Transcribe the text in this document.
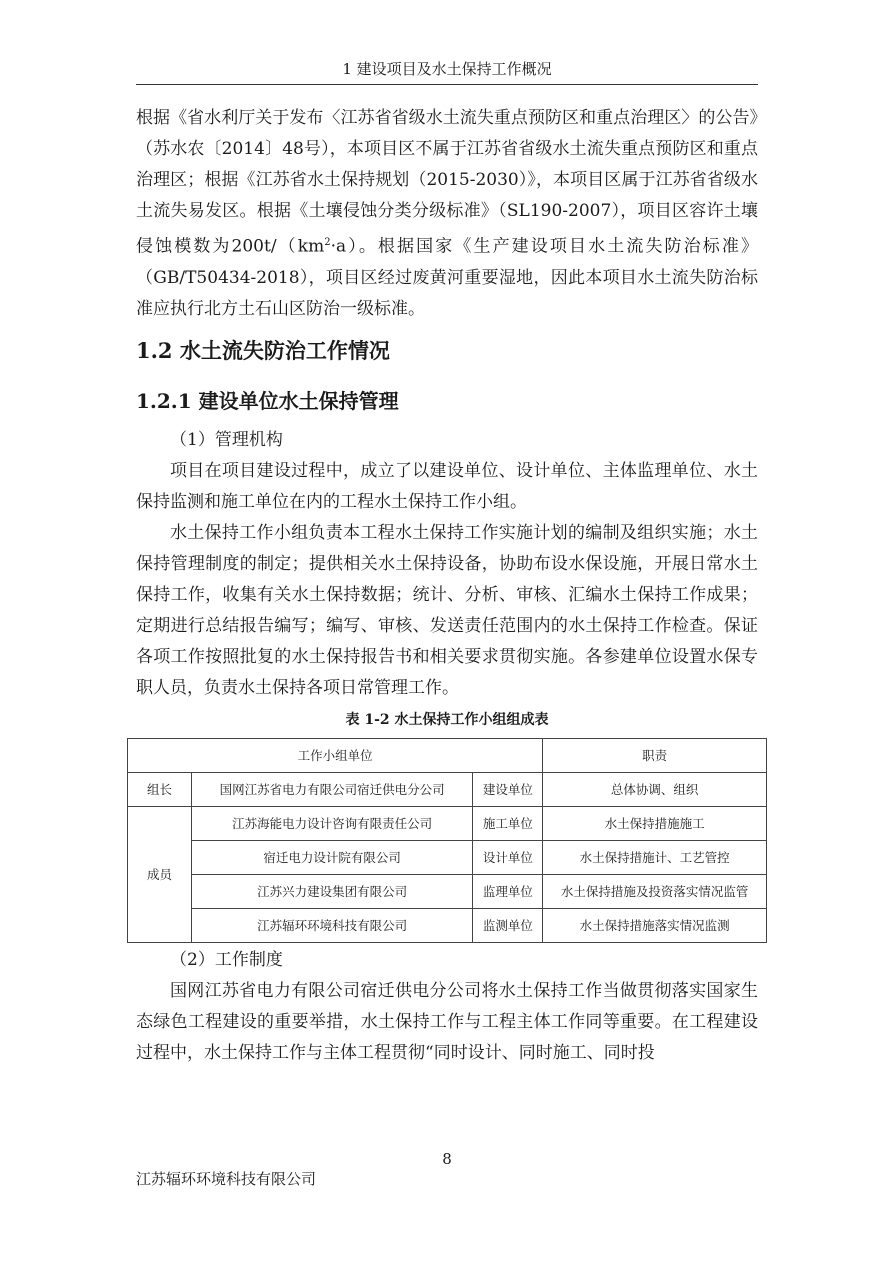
1 建设项目及水土保持工作概况

根据《省水利厅关于发布〈江苏省省级水土流失重点预防区和重点治理区〉的公告》（苏水农〔2014〕48号），本项目区不属于江苏省省级水土流失重点预防区和重点治理区；根据《江苏省水土保持规划（2015-2030）》，本项目区属于江苏省省级水土流失易发区。根据《土壤侵蚀分类分级标准》（SL190-2007），项目区容许土壤侵蚀模数为$200t/(km^2\cdot a)$。根据国家《生产建设项目水土流失防治标准》（GB/T50434-2018），项目区经过废黄河重要湿地，因此本项目水土流失防治标准应执行北方土石山区防治一级标准。

1.2 水土流失防治工作情况
1.2.1 建设单位水土保持管理

（1）管理机构

项目在项目建设过程中，成立了以建设单位、设计单位、主体监理单位、水土保持监测和施工单位在内的工程水土保持工作小组。

水土保持工作小组负责本工程水土保持工作实施计划的编制及组织实施；水土保持管理制度的制定；提供相关水土保持设备，协助布设水保设施，开展日常水土保持工作，收集有关水土保持数据；统计、分析、审核、汇编水土保持工作成果；定期进行总结报告编写；编写、审核、发送责任范围内的水土保持工作检查。保证各项工作按照批复的水土保持报告书和相关要求贯彻实施。各参建单位设置水保专职人员，负责水土保持各项日常管理工作。

表 1-2 水土保持工作小组组成表
工作小组单位			职责
组长	国网江苏省电力有限公司宿迁供电分公司	建设单位	总体协调、组织
成员	江苏海能电力设计咨询有限责任公司	施工单位	水土保持措施施工
	宿迁电力设计院有限公司	设计单位	水土保持措施计、工艺管控
	江苏兴力建设集团有限公司	监理单位	水土保持措施及投资落实情况监管
	江苏辐环环境科技有限公司	监测单位	水土保持措施落实情况监测

（2）工作制度

国网江苏省电力有限公司宿迁供电分公司将水土保持工作当做贯彻落实国家生态绿色工程建设的重要举措，水土保持工作与工程主体工作同等重要。在工程建设过程中，水土保持工作与主体工程贯彻“同时设计、同时施工、同时投

8
江苏辐环环境科技有限公司
